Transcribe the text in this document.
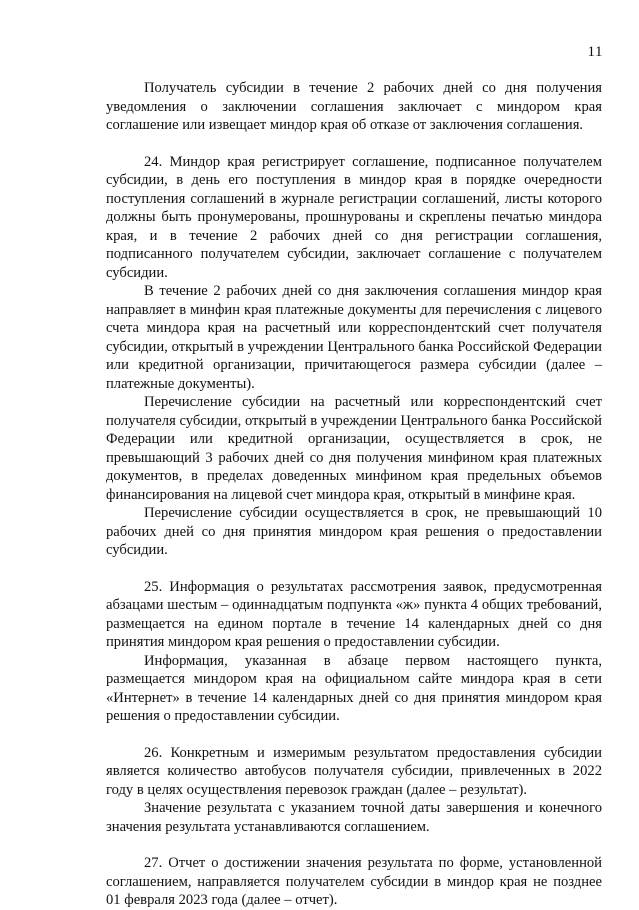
11

Получатель субсидии в течение 2 рабочих дней со дня получения уведомления о заключении соглашения заключает с миндором края соглашение или извещает миндор края об отказе от заключения соглашения.

24. Миндор края регистрирует соглашение, подписанное получателем субсидии, в день его поступления в миндор края в порядке очередности поступления соглашений в журнале регистрации соглашений, листы которого должны быть пронумерованы, прошнурованы и скреплены печатью миндора края, и в течение 2 рабочих дней со дня регистрации соглашения, подписанного получателем субсидии, заключает соглашение с получателем субсидии.

В течение 2 рабочих дней со дня заключения соглашения миндор края направляет в минфин края платежные документы для перечисления с лицевого счета миндора края на расчетный или корреспондентский счет получателя субсидии, открытый в учреждении Центрального банка Российской Федерации или кредитной организации, причитающегося размера субсидии (далее – платежные документы).

Перечисление субсидии на расчетный или корреспондентский счет получателя субсидии, открытый в учреждении Центрального банка Российской Федерации или кредитной организации, осуществляется в срок, не превышающий 3 рабочих дней со дня получения минфином края платежных документов, в пределах доведенных минфином края предельных объемов финансирования на лицевой счет миндора края, открытый в минфине края.

Перечисление субсидии осуществляется в срок, не превышающий 10 рабочих дней со дня принятия миндором края решения о предоставлении субсидии.

25. Информация о результатах рассмотрения заявок, предусмотренная абзацами шестым – одиннадцатым подпункта «ж» пункта 4 общих требований, размещается на едином портале в течение 14 календарных дней со дня принятия миндором края решения о предоставлении субсидии.

Информация, указанная в абзаце первом настоящего пункта, размещается миндором края на официальном сайте миндора края в сети «Интернет» в течение 14 календарных дней со дня принятия миндором края решения о предоставлении субсидии.

26. Конкретным и измеримым результатом предоставления субсидии является количество автобусов получателя субсидии, привлеченных в 2022 году в целях осуществления перевозок граждан (далее – результат).

Значение результата с указанием точной даты завершения и конечного значения результата устанавливаются соглашением.

27. Отчет о достижении значения результата по форме, установленной соглашением, направляется получателем субсидии в миндор края не позднее 01 февраля 2023 года (далее – отчет).
